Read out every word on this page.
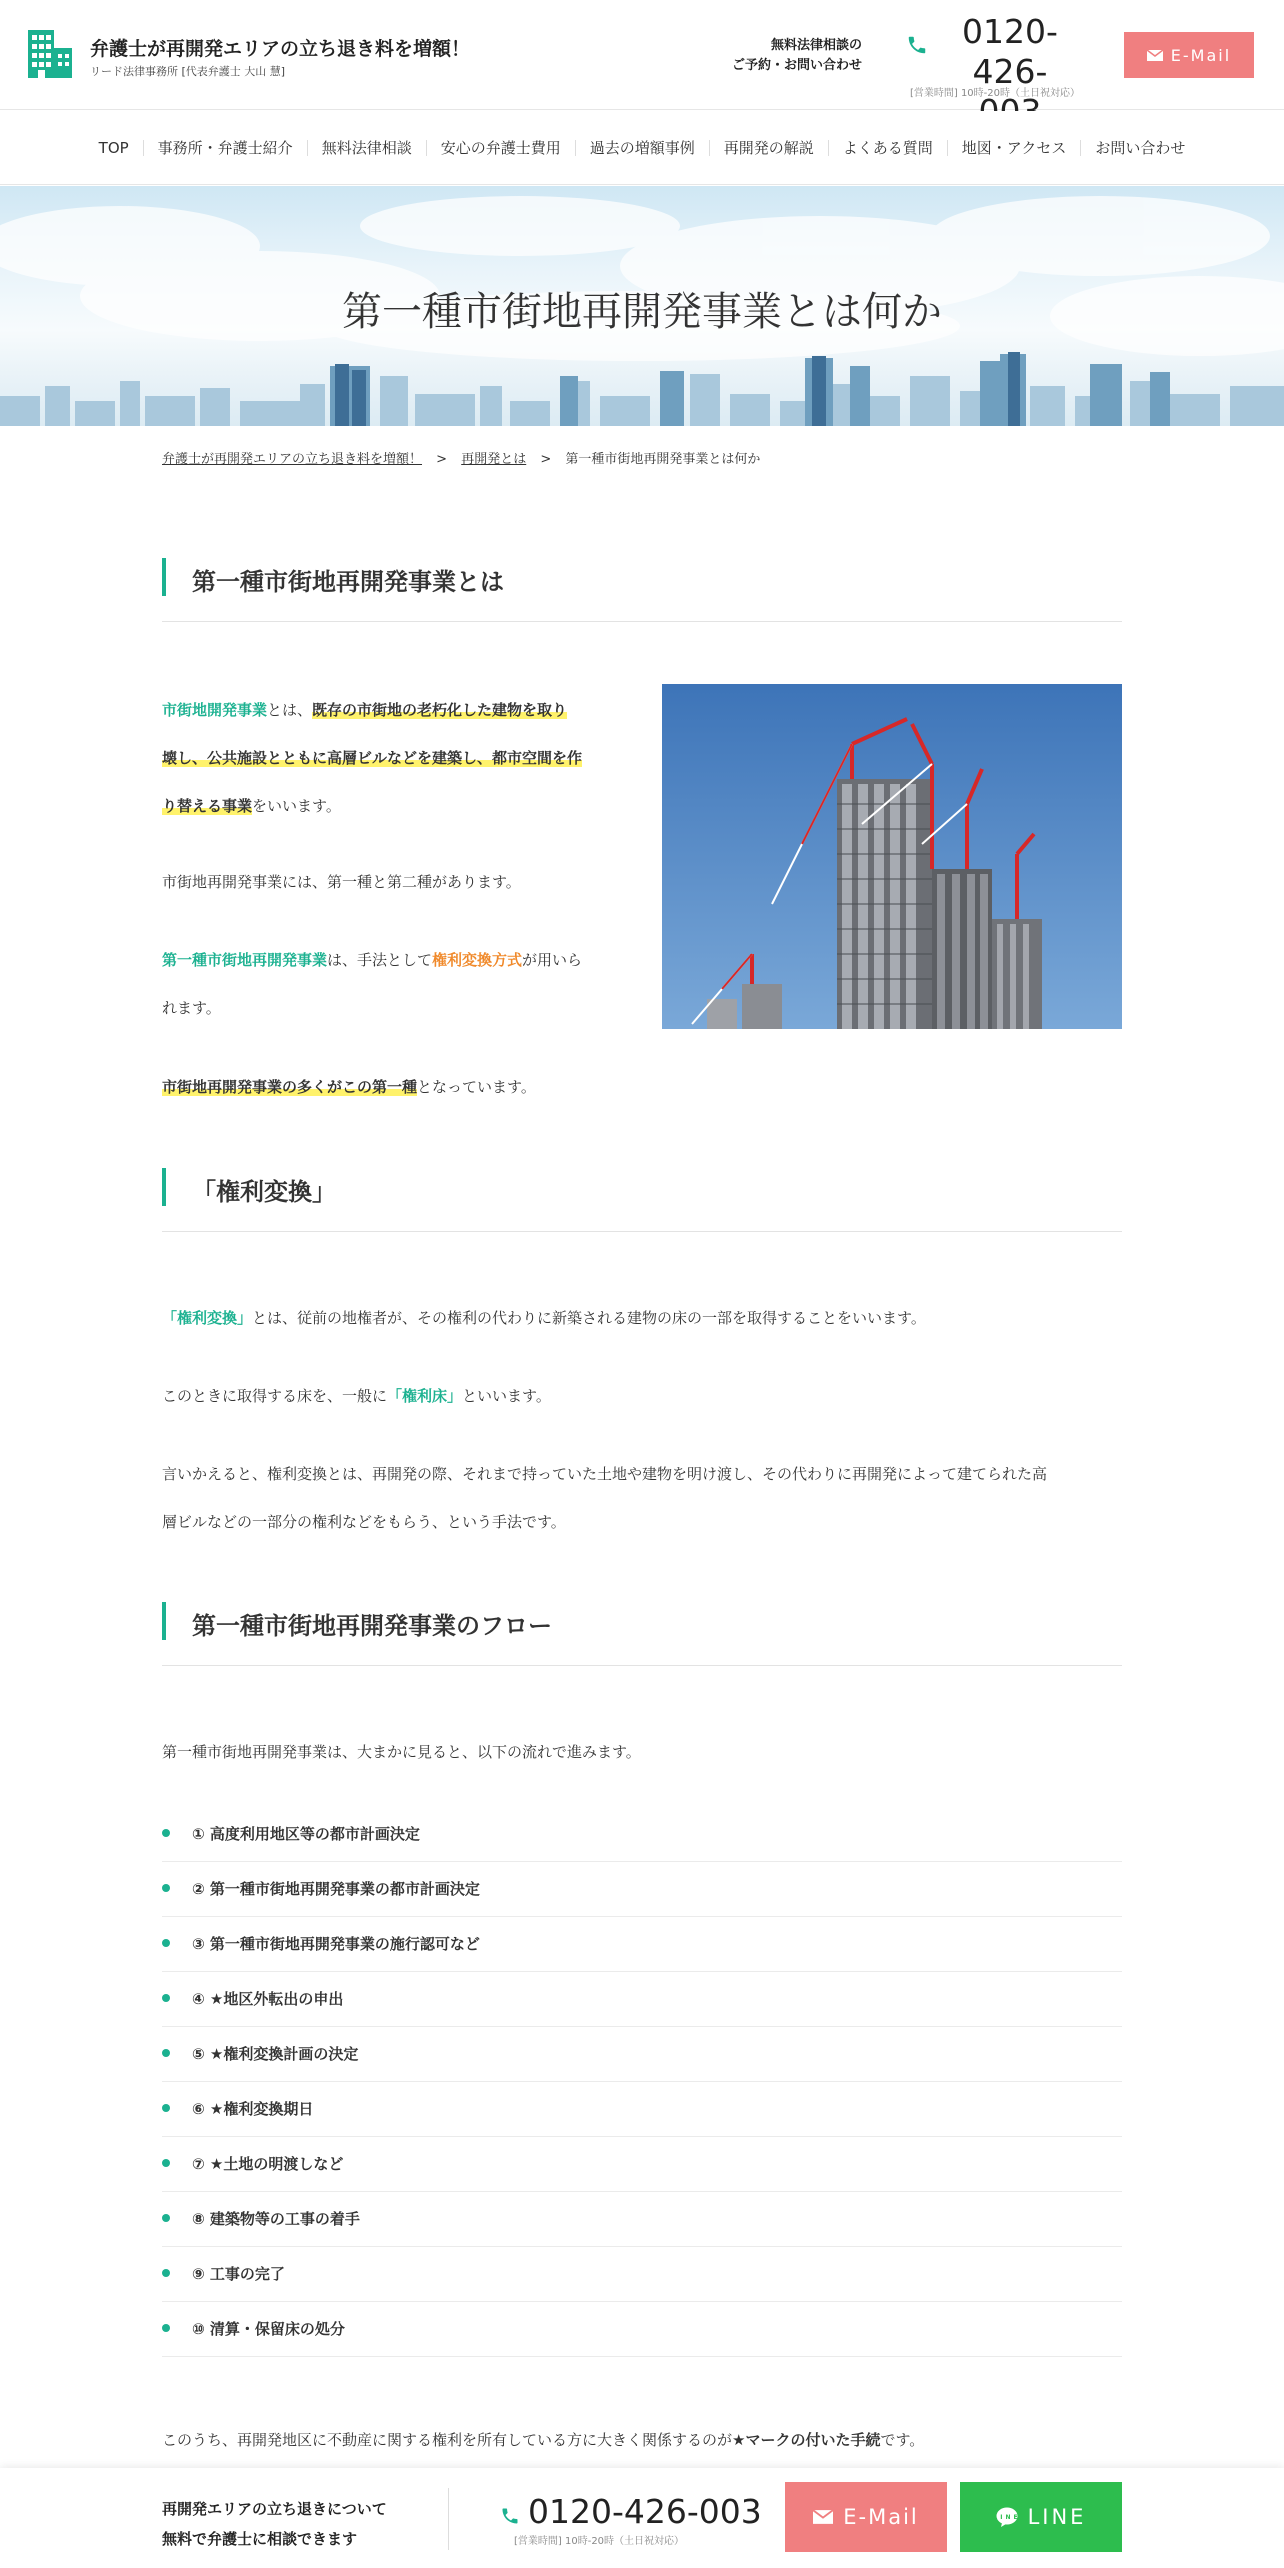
弁護士が再開発エリアの立ち退き料を増額！
リード法律事務所 [代表弁護士 大山 慧]
無料法律相談の
ご予約・お問い合わせ
0120-426-
[営業時間] 10時-20時（土日祝対応）
E-Mail
TOP	事務所・弁護士紹介	無料法律相談	安心の弁護士費用	過去の増額事例	再開発の解説	よくある質問	地図・アクセス	お問い合わせ
第一種市街地再開発事業とは何か
弁護士が再開発エリアの立ち退き料を増額！ > 再開発とは > 第一種市街地再開発事業とは何か
第一種市街地再開発事業とは
市街地開発事業とは、既存の市街地の老朽化した建物を取り
壊し、公共施設とともに高層ビルなどを建築し、都市空間を作
り替える事業をいいます。
市街地再開発事業には、第一種と第二種があります。
第一種市街地再開発事業は、手法として権利変換方式が用いら
れます。
市街地再開発事業の多くがこの第一種となっています。
「権利変換」
「権利変換」とは、従前の地権者が、その権利の代わりに新築される建物の床の一部を取得することをいいます。
このときに取得する床を、一般に「権利床」といいます。
言いかえると、権利変換とは、再開発の際、それまで持っていた土地や建物を明け渡し、その代わりに再開発によって建てられた高
層ビルなどの一部分の権利などをもらう、という手法です。
第一種市街地再開発事業のフロー
第一種市街地再開発事業は、大まかに見ると、以下の流れで進みます。
① 高度利用地区等の都市計画決定
② 第一種市街地再開発事業の都市計画決定
③ 第一種市街地再開発事業の施行認可など
④ ★地区外転出の申出
⑤ ★権利変換計画の決定
⑥ ★権利変換期日
⑦ ★土地の明渡しなど
⑧ 建築物等の工事の着手
⑨ 工事の完了
⑩ 清算・保留床の処分
このうち、再開発地区に不動産に関する権利を所有している方に大きく関係するのが★マークの付いた手続です。
再開発エリアの立ち退きについて
無料で弁護士に相談できます
0120-426-003
[営業時間] 10時-20時（土日祝対応）
E-Mail	LINE LINE
